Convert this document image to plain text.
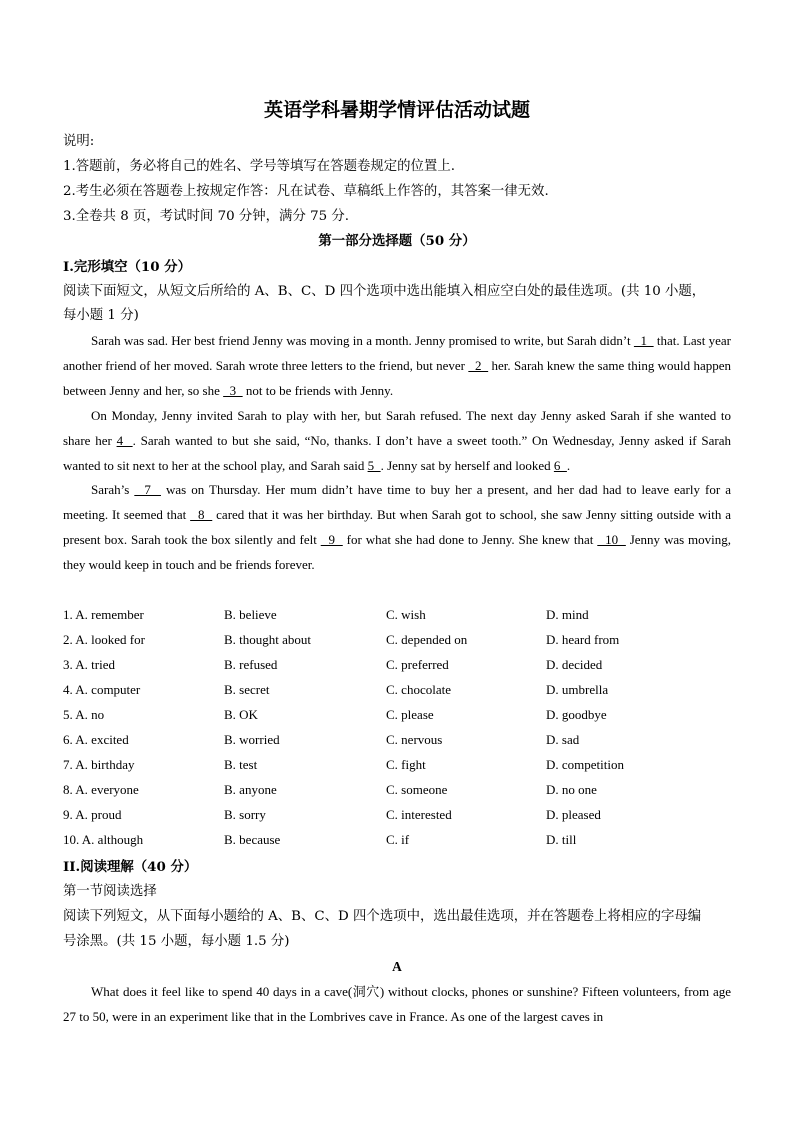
英语学科暑期学情评估活动试题
说明:
1.答题前，务必将自己的姓名、学号等填写在答题卷规定的位置上.
2.考生必须在答题卷上按规定作答：凡在试卷、草稿纸上作答的，其答案一律无效.
3.全卷共 8 页，考试时间 70 分钟，满分 75 分.
第一部分选择题（50 分）
I.完形填空（10 分）
阅读下面短文，从短文后所给的 A、B、C、D 四个选项中选出能填入相应空白处的最佳选项。(共 10 小题，
每小题 1 分)

Sarah was sad. Her best friend Jenny was moving in a month. Jenny promised to write, but Sarah didn’t   1   that. Last year another friend of her moved. Sarah wrote three letters to the friend, but never   2   her. Sarah knew the same thing would happen between Jenny and her, so she   3   not to be friends with Jenny.

On Monday, Jenny invited Sarah to play with her, but Sarah refused. The next day Jenny asked Sarah if she wanted to share her 4  . Sarah wanted to but she said, “No, thanks. I don’t have a sweet tooth.” On Wednesday, Jenny asked if Sarah wanted to sit next to her at the school play, and Sarah said 5  . Jenny sat by herself and looked 6  .

Sarah’s   7   was on Thursday. Her mum didn’t have time to buy her a present, and her dad had to leave early for a meeting. It seemed that   8   cared that it was her birthday. But when Sarah got to school, she saw Jenny sitting outside with a present box. Sarah took the box silently and felt   9   for what she had done to Jenny. She knew that   10   Jenny was moving, they would keep in touch and be friends forever.

1. A. remember	B. believe	C. wish	D. mind
2. A. looked for	B. thought about	C. depended on	D. heard from
3. A. tried	B. refused	C. preferred	D. decided
4. A. computer	B. secret	C. chocolate	D. umbrella
5. A. no	B. OK	C. please	D. goodbye
6. A. excited	B. worried	C. nervous	D. sad
7. A. birthday	B. test	C. fight	D. competition
8. A. everyone	B. anyone	C. someone	D. no one
9. A. proud	B. sorry	C. interested	D. pleased
10. A. although	B. because	C. if	D. till
II.阅读理解（40 分）
第一节阅读选择
阅读下列短文，从下面每小题给的 A、B、C、D 四个选项中，选出最佳选项，并在答题卷上将相应的字母编
号涂黑。(共 15 小题，每小题 1.5 分)
A

What does it feel like to spend 40 days in a cave(洞穴) without clocks, phones or sunshine? Fifteen volunteers, from age 27 to 50, were in an experiment like that in the Lombrives cave in France. As one of the largest caves in
